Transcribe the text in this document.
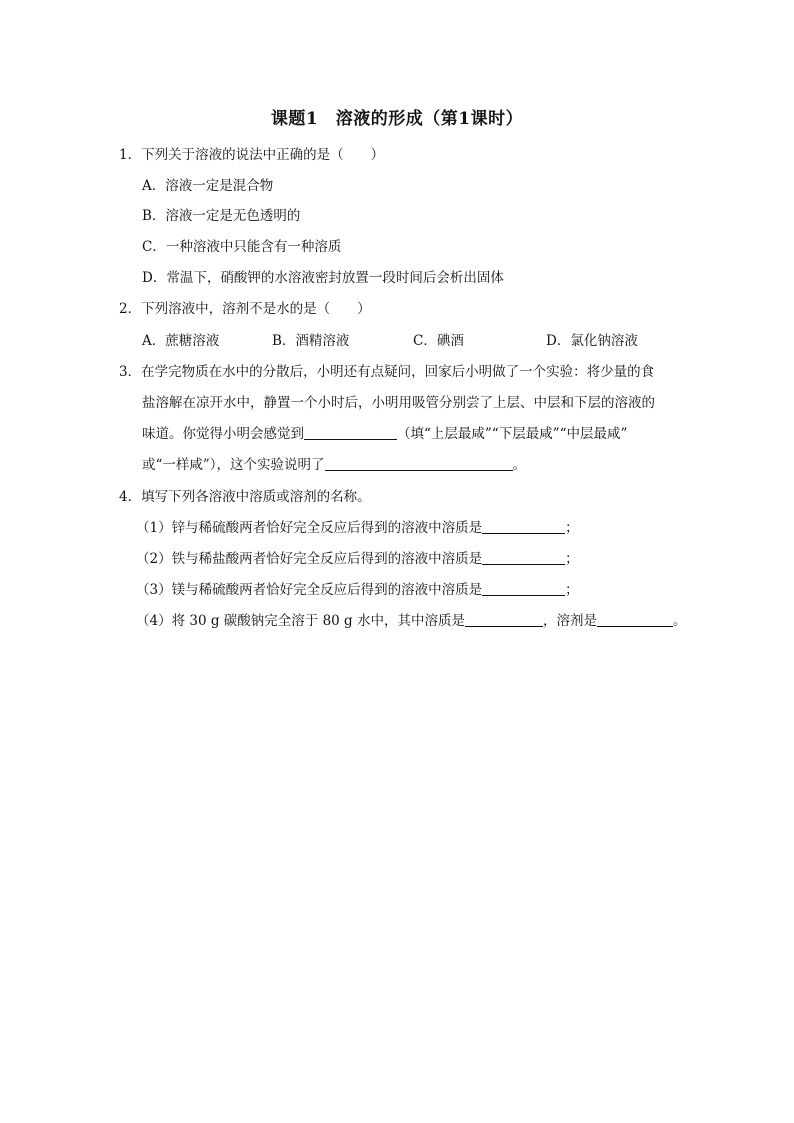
课题1　溶液的形成（第1课时）
1．下列关于溶液的说法中正确的是（　　）
A．溶液一定是混合物
B．溶液一定是无色透明的
C．一种溶液中只能含有一种溶质
D．常温下，硝酸钾的水溶液密封放置一段时间后会析出固体
2．下列溶液中，溶剂不是水的是（　　）
A．蔗糖溶液	B．酒精溶液	C．碘酒	D．氯化钠溶液
3．在学完物质在水中的分散后，小明还有点疑问，回家后小明做了一个实验：将少量的食
盐溶解在凉开水中，静置一个小时后，小明用吸管分别尝了上层、中层和下层的溶液的
味道。你觉得小明会感觉到	（填“上层最咸”“下层最咸”“中层最咸”
或“一样咸”），这个实验说明了	。
4．填写下列各溶液中溶质或溶剂的名称。
（1）锌与稀硫酸两者恰好完全反应后得到的溶液中溶质是	；
（2）铁与稀盐酸两者恰好完全反应后得到的溶液中溶质是	；
（3）镁与稀硫酸两者恰好完全反应后得到的溶液中溶质是	；
（4）将 30 g 碳酸钠完全溶于 80 g 水中，其中溶质是	，溶剂是	。
